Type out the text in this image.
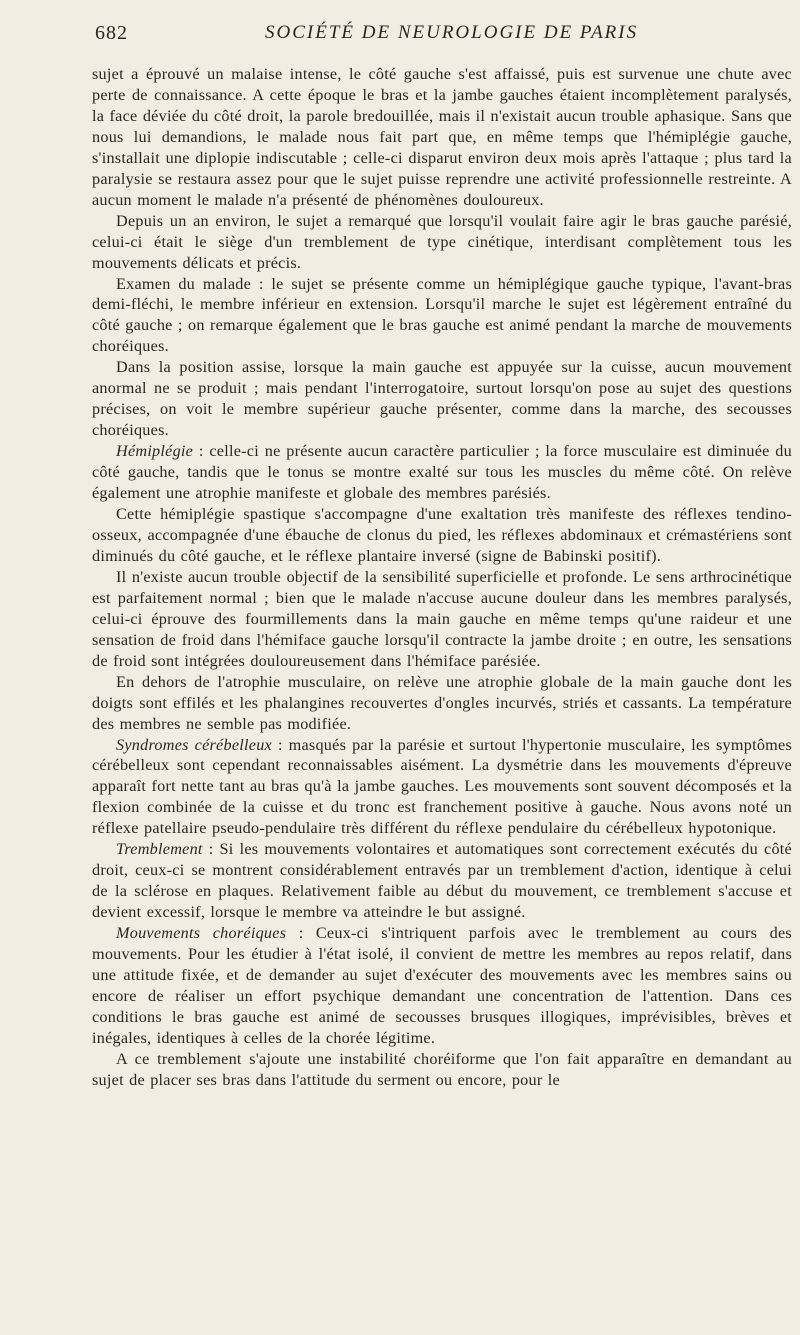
682	SOCIÉTÉ DE NEUROLOGIE DE PARIS

sujet a éprouvé un malaise intense, le côté gauche s'est affaissé, puis est survenue une chute avec perte de connaissance. A cette époque le bras et la jambe gauches étaient incomplètement paralysés, la face déviée du côté droit, la parole bredouillée, mais il n'existait aucun trouble aphasique. Sans que nous lui demandions, le malade nous fait part que, en même temps que l'hémiplégie gauche, s'installait une diplopie indiscutable ; celle-ci disparut environ deux mois après l'attaque ; plus tard la paralysie se restaura assez pour que le sujet puisse reprendre une activité professionnelle restreinte. A aucun moment le malade n'a présenté de phénomènes douloureux.

Depuis un an environ, le sujet a remarqué que lorsqu'il voulait faire agir le bras gauche parésié, celui-ci était le siège d'un tremblement de type cinétique, interdisant complètement tous les mouvements délicats et précis.

Examen du malade : le sujet se présente comme un hémiplégique gauche typique, l'avant-bras demi-fléchi, le membre inférieur en extension. Lorsqu'il marche le sujet est légèrement entraîné du côté gauche ; on remarque également que le bras gauche est animé pendant la marche de mouvements choréiques.

Dans la position assise, lorsque la main gauche est appuyée sur la cuisse, aucun mouvement anormal ne se produit ; mais pendant l'interrogatoire, surtout lorsqu'on pose au sujet des questions précises, on voit le membre supérieur gauche présenter, comme dans la marche, des secousses choréiques.

Hémiplégie : celle-ci ne présente aucun caractère particulier ; la force musculaire est diminuée du côté gauche, tandis que le tonus se montre exalté sur tous les muscles du même côté. On relève également une atrophie manifeste et globale des membres parésiés.

Cette hémiplégie spastique s'accompagne d'une exaltation très manifeste des réflexes tendino-osseux, accompagnée d'une ébauche de clonus du pied, les réflexes abdominaux et crémastériens sont diminués du côté gauche, et le réflexe plantaire inversé (signe de Babinski positif).

Il n'existe aucun trouble objectif de la sensibilité superficielle et profonde. Le sens arthrocinétique est parfaitement normal ; bien que le malade n'accuse aucune douleur dans les membres paralysés, celui-ci éprouve des fourmillements dans la main gauche en même temps qu'une raideur et une sensation de froid dans l'hémiface gauche lorsqu'il contracte la jambe droite ; en outre, les sensations de froid sont intégrées douloureusement dans l'hémiface parésiée.

En dehors de l'atrophie musculaire, on relève une atrophie globale de la main gauche dont les doigts sont effilés et les phalangines recouvertes d'ongles incurvés, striés et cassants. La température des membres ne semble pas modifiée.

Syndromes cérébelleux : masqués par la parésie et surtout l'hypertonie musculaire, les symptômes cérébelleux sont cependant reconnaissables aisément. La dysmétrie dans les mouvements d'épreuve apparaît fort nette tant au bras qu'à la jambe gauches. Les mouvements sont souvent décomposés et la flexion combinée de la cuisse et du tronc est franchement positive à gauche. Nous avons noté un réflexe patellaire pseudo-pendulaire très différent du réflexe pendulaire du cérébelleux hypotonique.

Tremblement : Si les mouvements volontaires et automatiques sont correctement exécutés du côté droit, ceux-ci se montrent considérablement entravés par un tremblement d'action, identique à celui de la sclérose en plaques. Relativement faible au début du mouvement, ce tremblement s'accuse et devient excessif, lorsque le membre va atteindre le but assigné.

Mouvements choréiques : Ceux-ci s'intriquent parfois avec le tremblement au cours des mouvements. Pour les étudier à l'état isolé, il convient de mettre les membres au repos relatif, dans une attitude fixée, et de demander au sujet d'exécuter des mouvements avec les membres sains ou encore de réaliser un effort psychique demandant une concentration de l'attention. Dans ces conditions le bras gauche est animé de secousses brusques illogiques, imprévisibles, brèves et inégales, identiques à celles de la chorée légitime.

A ce tremblement s'ajoute une instabilité choréiforme que l'on fait apparaître en demandant au sujet de placer ses bras dans l'attitude du serment ou encore, pour le
